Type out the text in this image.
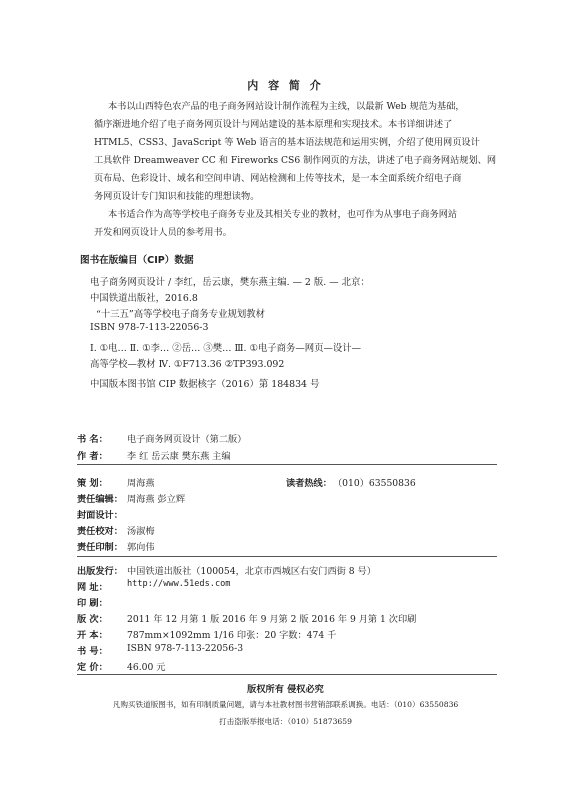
内 容 简 介
本书以山西特色农产品的电子商务网站设计制作流程为主线，以最新 Web 规范为基础，
循序渐进地介绍了电子商务网页设计与网站建设的基本原理和实现技术。本书详细讲述了
HTML5、CSS3、JavaScript 等 Web 语言的基本语法规范和运用实例，介绍了使用网页设计
工具软件 Dreamweaver CC 和 Fireworks CS6 制作网页的方法，讲述了电子商务网站规划、网
页布局、色彩设计、域名和空间申请、网站检测和上传等技术，是一本全面系统介绍电子商
务网页设计专门知识和技能的理想读物。
本书适合作为高等学校电子商务专业及其相关专业的教材，也可作为从事电子商务网站
开发和网页设计人员的参考用书。
图书在版编目（CIP）数据
电子商务网页设计 / 李红，岳云康，樊东燕主编. — 2 版. — 北京：
中国铁道出版社，2016.8
“十三五”高等学校电子商务专业规划教材
ISBN 978-7-113-22056-3
Ⅰ. ①电… Ⅱ. ①李… ②岳… ③樊… Ⅲ. ①电子商务—网页—设计—
高等学校—教材 Ⅳ. ①F713.36 ②TP393.092
中国版本图书馆 CIP 数据核字（2016）第 184834 号
书 名： 电子商务网页设计（第二版）
作 者： 李 红 岳云康 樊东燕 主编
策 划： 周海燕	读者热线： （010）63550836
责任编辑： 周海燕 彭立辉
封面设计：
责任校对： 汤淑梅
责任印制： 郭向伟
出版发行： 中国铁道出版社（100054，北京市西城区右安门西街 8 号）
网 址： http://www.51eds.com
印 刷：
版 次： 2011 年 12 月第 1 版 2016 年 9 月第 2 版 2016 年 9 月第 1 次印刷
开 本： 787mm×1092mm 1/16 印张：20 字数：474 千
书 号： ISBN 978-7-113-22056-3
定 价： 46.00 元
版权所有 侵权必究
凡购买铁道版图书，如有印制质量问题，请与本社教材图书营销部联系调换。电话：（010）63550836
打击盗版举报电话：（010）51873659
